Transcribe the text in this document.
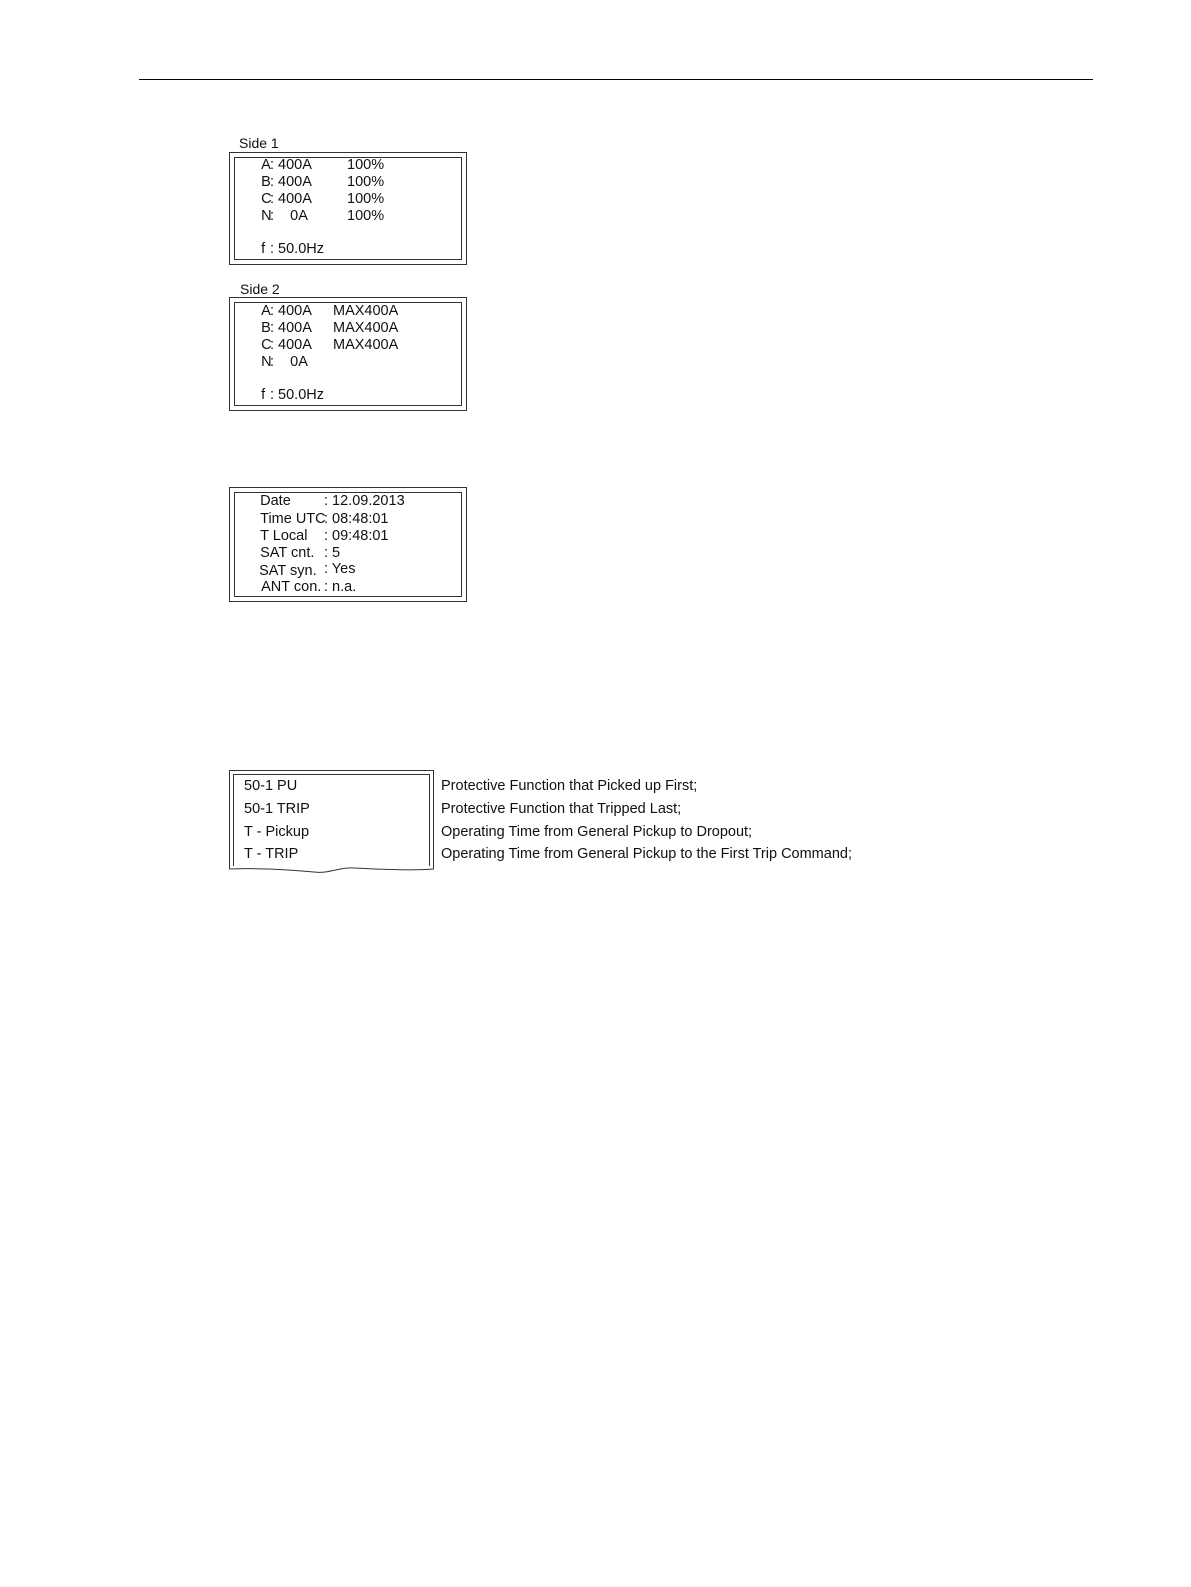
Side 1

A

: 400A

100%

B

: 400A

100%

C

: 400A

100%

N

:    0A

	100%

f

: 50.0Hz

Side 2

A

: 400A

MAX400A

B

: 400A

MAX400A

C

: 400A

MAX400A

N

:    0A

f

: 50.0Hz

Date

: 12.09.2013

Time UTC

: 08:48:01

T Local

: 09:48:01

SAT cnt.

: 5

SAT syn.

: Yes

ANT con.

: n.a.

50-1 PU
50-1 TRIP
T - Pickup
T - TRIP
Protective Function that Picked up First;
Protective Function that Tripped Last;
Operating Time from General Pickup to Dropout;
Operating Time from General Pickup to the First Trip Command;
